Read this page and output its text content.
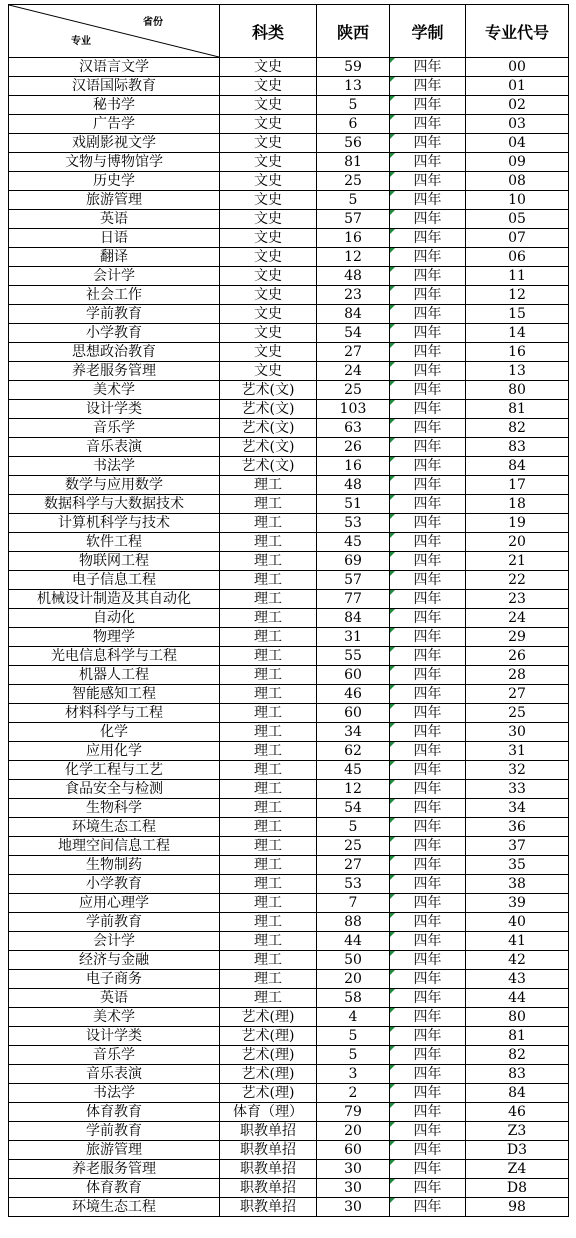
省份
专业	科类	陕西	学制	专业代号
汉语言文学	文史	59	四年	00
汉语国际教育	文史	13	四年	01
秘书学	文史	5	四年	02
广告学	文史	6	四年	03
戏剧影视文学	文史	56	四年	04
文物与博物馆学	文史	81	四年	09
历史学	文史	25	四年	08
旅游管理	文史	5	四年	10
英语	文史	57	四年	05
日语	文史	16	四年	07
翻译	文史	12	四年	06
会计学	文史	48	四年	11
社会工作	文史	23	四年	12
学前教育	文史	84	四年	15
小学教育	文史	54	四年	14
思想政治教育	文史	27	四年	16
养老服务管理	文史	24	四年	13
美术学	艺术(文)	25	四年	80
设计学类	艺术(文)	103	四年	81
音乐学	艺术(文)	63	四年	82
音乐表演	艺术(文)	26	四年	83
书法学	艺术(文)	16	四年	84
数学与应用数学	理工	48	四年	17
数据科学与大数据技术	理工	51	四年	18
计算机科学与技术	理工	53	四年	19
软件工程	理工	45	四年	20
物联网工程	理工	69	四年	21
电子信息工程	理工	57	四年	22
机械设计制造及其自动化	理工	77	四年	23
自动化	理工	84	四年	24
物理学	理工	31	四年	29
光电信息科学与工程	理工	55	四年	26
机器人工程	理工	60	四年	28
智能感知工程	理工	46	四年	27
材料科学与工程	理工	60	四年	25
化学	理工	34	四年	30
应用化学	理工	62	四年	31
化学工程与工艺	理工	45	四年	32
食品安全与检测	理工	12	四年	33
生物科学	理工	54	四年	34
环境生态工程	理工	5	四年	36
地理空间信息工程	理工	25	四年	37
生物制药	理工	27	四年	35
小学教育	理工	53	四年	38
应用心理学	理工	7	四年	39
学前教育	理工	88	四年	40
会计学	理工	44	四年	41
经济与金融	理工	50	四年	42
电子商务	理工	20	四年	43
英语	理工	58	四年	44
美术学	艺术(理)	4	四年	80
设计学类	艺术(理)	5	四年	81
音乐学	艺术(理)	5	四年	82
音乐表演	艺术(理)	3	四年	83
书法学	艺术(理)	2	四年	84
体育教育	体育（理）	79	四年	46
学前教育	职教单招	20	四年	Z3
旅游管理	职教单招	60	四年	D3
养老服务管理	职教单招	30	四年	Z4
体育教育	职教单招	30	四年	D8
环境生态工程	职教单招	30	四年	98
